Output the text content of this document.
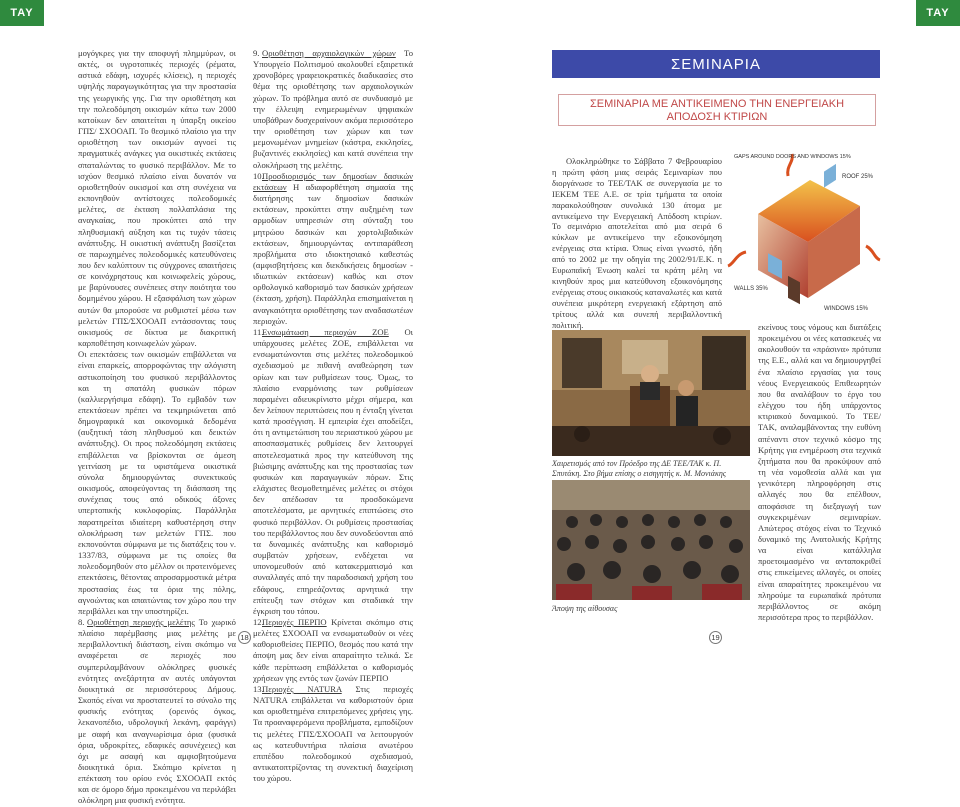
ΤΑΥ	ΤΑΥ

μογόγκρες για την αποφυγή πλημμύρων, οι ακτές, οι υγροτοπικές περιοχές (ρέματα, αστικά εδάφη, ισχυρές κλίσεις), η περιοχές υψηλής παραγωγικότητας για την προστασία της γεωργικής γης. Για την οριοθέτηση και την πολεοδόμηση οικισμών κάτω των 2000 κατοίκων δεν απαιτείται η ύπαρξη οικείου ΓΠΣ/ ΣΧΟΟΑΠ. Το θεσμικό πλαίσιο για την οριοθέτηση των οικισμών αγνοεί τις πραγματικές ανάγκες για οικιστικές εκτάσεις σπαταλώντας το φυσικό περιβάλλον. Με το ισχύον θεσμικό πλαίσιο είναι δυνατόν να οριοθετηθούν οικισμοί και στη συνέχεια να εκπονηθούν αντίστοιχες πολεοδομικές μελέτες, σε έκταση πολλαπλάσια της αναγκαίας, που προκύπτει από την πληθυσμιακή αύξηση και τις τυχόν τάσεις ανάπτυξης. Η οικιστική ανάπτυξη βασίζεται σε παρωχημένες πολεοδομικές κατευθύνσεις που δεν καλύπτουν τις σύγχρονες απαιτήσεις σε κοινόχρηστους και κοινωφελείς χώρους, με βαρύνουσες συνέπειες στην ποιότητα του δομημένου χώρου. Η εξασφάλιση των χώρων αυτών θα μπορούσε να ρυθμιστεί μέσω των μελετών ΓΠΣ/ΣΧΟΟΑΠ εντάσσοντας τους οικισμούς σε δίκτυα με διακριτική καρποθέτηση κοινωφελών χώρων.

Οι επεκτάσεις των οικισμών επιβάλλεται να είναι επαρκείς, απορροφώντας την αλόγιστη αστικοποίηση του φυσικού περιβάλλοντος και τη σπατάλη φυσικών πόρων (καλλιεργήσιμα εδάφη). Το εμβαδόν των επεκτάσεων πρέπει να τεκμηριώνεται από δημογραφικά και οικονομικά δεδομένα (αυξητική τάση πληθυσμού και δεικτών ανάπτυξης). Οι προς πολεοδόμηση εκτάσεις επιβάλλεται να βρίσκονται σε άμεση γειτνίαση με τα υφιστάμενα οικιστικά σύνολα δημιουργώντας συνεκτικούς οικισμούς, αποφεύγοντας τη διάσπαση της συνέχειας τους από οδικούς άξονες υπερτοπικής κυκλοφορίας. Παράλληλα παρατηρείται ιδιαίτερη καθυστέρηση στην ολοκλήρωση των μελετών ΓΠΣ. που εκπονούνται σύμφωνα με τις διατάξεις του ν. 1337/83, σύμφωνα με τις οποίες θα πολεοδομηθούν στο μέλλον οι προτεινόμενες επεκτάσεις, θέτοντας απροσαρμοστικά μέτρα προστασίας έως τα όρια της πόλης, αγνοώντας και απαιτώντας τον χώρο που την περιβάλλει και την υποστηρίζει.

8. Οριοθέτηση περιοχής μελέτης Το χωρικό πλαίσιο παρέμβασης μιας μελέτης με περιβαλλοντική διάσταση, είναι σκόπιμο να αναφέρεται σε περιοχές που συμπεριλαμβάνουν ολόκληρες φυσικές ενότητες ανεξάρτητα αν αυτές υπάγονται διοικητικά σε περισσότερους Δήμους. Σκοπός είναι να προστατευτεί το σύνολο της φυσικής ενότητας (ορεινός όγκος, λεκανοπέδιο, υδρολογική λεκάνη, φαράγγι) με σαφή και αναγνωρίσιμα όρια (φυσικά όρια, υδροκρίτες, εδαφικές ασυνέχειες) και όχι με ασαφή και αμφισβητούμενα διοικητικά όρια. Σκόπιμο κρίνεται η επέκταση του ορίου ενός ΣΧΟΟΑΠ εκτός και σε όμορο δήμο προκειμένου να περιλάβει ολόκληρη μια φυσική ενότητα.

9. Οριοθέτηση αρχαιολογικών χώρων Το Υπουργείο Πολιτισμού ακολουθεί εξαιρετικά χρονοβόρες γραφειοκρατικές διαδικασίες στο θέμα της οριοθέτησης των αρχαιολογικών χώρων. Το πρόβλημα αυτό σε συνδυασμό με την έλλειψη ενημερωμένων ψηφιακών υποβάθρων δυσχεραίνουν ακόμα περισσότερο την οριοθέτηση των χώρων και των μεμονωμένων μνημείων (κάστρα, εκκλησίες, βυζαντινές εκκλησίες) και κατά συνέπεια την ολοκλήρωση της μελέτης.

10.Προσδιορισμός των δημοσίων δασικών εκτάσεων Η αδιαφορθέτηση σημασία της διατήρησης των δημοσίων δασικών εκτάσεων, προκύπτει στην αυξημένη των αρμοδίων υπηρεσιών στη σύνταξη του μητρώου δασικών και χορτολιβαδικών εκτάσεων, δημιουργώντας αντιπαράθεση προβλήματα στο ιδιοκτησιακό καθεστώς (αμφισβητήσεις και διεκδικήσεις δημοσίων - ιδιωτικών εκτάσεων) καθώς και στον ορθολογικό καθορισμό των δασικών χρήσεων (έκταση, χρήση). Παράλληλα επισημαίνεται η αναγκαιότητα οριοθέτησης των αναδασωτέων περιοχών.

11.Ενσωμάτωση περιοχών ΖΟΕ Οι υπάρχουσες μελέτες ΖΟΕ, επιβάλλεται να ενσωματώνονται στις μελέτες πολεοδομικού σχεδιασμού με πιθανή αναθεώρηση των ορίων και των ρυθμίσεων τους. Όμως, το πλαίσιο εναρμόνισης των ρυθμίσεων παραμένει αδιευκρίνιστο μέχρι σήμερα, και δεν λείπουν περιπτώσεις που η ένταξη γίνεται κατά προσέγγιση. Η εμπειρία έχει αποδείξει, ότι η αντιμετώπιση του περιαστικού χώρου με αποσπασματικές ρυθμίσεις δεν λειτουργεί αποτελεσματικά προς την κατεύθυνση της βιώσιμης ανάπτυξης και της προστασίας των φυσικών και παραγωγικών πόρων. Στις ελάχιστες θεσμοθετημένες μελέτες οι στόχοι δεν απέδωσαν τα προσδοκώμενα αποτελέσματα, με αρνητικές επιπτώσεις στο φυσικό περιβάλλον. Οι ρυθμίσεις προστασίας του περιβάλλοντος που δεν συνοδεύονται από τα δυναμικές ανάπτυξης και καθορισμό συμβατών χρήσεων, ενδέχεται να υπονομευθούν από κατακερματισμό και συναλλαγές από την παραδοσιακή χρήση του εδάφους, επηρεάζοντας αρνητικά την επίτευξη των στόχων και σταδιακά την έγκριση του τόπου.

12.Περιοχές ΠΕΡΠΟ Κρίνεται σκόπιμο στις μελέτες ΣΧΟΟΑΠ να ενσωματωθούν οι νέες καθορισθείσες ΠΕΡΠΟ, θεσμός που κατά την άποψη μας δεν είναι απαραίτητο τελικά. Σε κάθε περίπτωση επιβάλλεται ο καθορισμός χρήσεων γης εντός των ζωνών ΠΕΡΠΟ

13.Περιοχές NATURA Στις περιοχές NATURA επιβάλλεται να καθοριστούν όρια και οριοθετημένα επιτρεπόμενες χρήσεις γης. Τα προαναφερόμενα προβλήματα, εμποδίζουν τις μελέτες ΓΠΣ/ΣΧΟΟΑΠ να λειτουργούν ως κατευθυντήρια πλαίσια ανωτέρου επιπέδου πολεοδομικού σχεδιασμού, αντικατοπτρίζοντας τη συνεκτική διαχείριση του χώρου.

ΣΕΜΙΝΑΡΙΑ
ΣΕΜΙΝΑΡΙΑ ΜΕ ΑΝΤΙΚΕΙΜΕΝΟ ΤΗΝ ΕΝΕΡΓΕΙΑΚΗ
ΑΠΟΔΟΣΗ ΚΤΙΡΙΩΝ

Ολοκληρώθηκε το Σάββατο 7 Φεβρουαρίου η πρώτη φάση μιας σειράς Σεμιναρίων που διοργάνωσε το ΤΕΕ/ΤΑΚ σε συνεργασία με το ΙΕΚΕΜ ΤΕΕ Α.Ε. σε τρία τμήματα τα οποία παρακολούθησαν συνολικά 130 άτομα με αντικείμενο την Ενεργειακή Απόδοση κτιρίων. Το σεμινάριο αποτελείται από μια σειρά 6 κύκλων με αντικείμενο την εξοικονόμηση ενέργειας στα κτίρια. Όπως είναι γνωστό, ήδη από το 2002 με την οδηγία της 2002/91/Ε.Κ. η Ευρωπαϊκή Ένωση καλεί τα κράτη μέλη να κινηθούν προς μια κατεύθυνση εξοικονόμησης ενέργειας στους οικιακούς καταναλωτές και κατά συνέπεια μικρότερη ενεργειακή εξάρτηση από τρίτους αλλά και συνεπή περιβαλλοντική πολιτική.

GAPS AROUND DOORS AND WINDOWS 15%
ROOF 25%
WALLS 35%
WINDOWS 15%
Χαιρετισμός από τον Πρόεδρο της ΔΕ ΤΕΕ/ΤΑΚ κ. Π. Σπυτάκη. Στο βήμα επίσης ο εισηγητής κ. Μ. Μονιάκης
Άποψη της αίθουσας

εκείνους τους νόμους και διατάξεις προκειμένου οι νέες κατασκευές να ακολουθούν τα «πράσινα» πρότυπα της Ε.Ε., αλλά και να δημιουργηθεί ένα πλαίσιο εργασίας για τους νέους Ενεργειακούς Επιθεωρητών που θα αναλάβουν το έργο του ελέγχου του ήδη υπάρχοντος κτιριακού δυναμικού. Το ΤΕΕ/ΤΑΚ, αναλαμβάνοντας την ευθύνη απέναντι στον τεχνικό κόσμο της Κρήτης για ενημέρωση στα τεχνικά ζητήματα που θα προκύψουν από τη νέα νομοθεσία αλλά και για γενικότερη πληροφόρηση στις αλλαγές που θα επέλθουν, αποφάσισε τη διεξαγωγή των συγκεκριμένων σεμιναρίων. Απώτερος στόχος είναι το Τεχνικό δυναμικό της Ανατολικής Κρήτης να είναι κατάλληλα προετοιμασμένο να ανταποκριθεί στις επικείμενες αλλαγές, οι οποίες είναι απαραίτητες προκειμένου να πληρούμε τα ευρωπαϊκά πρότυπα περιβάλλοντος σε ακόμη περισσότερα προς το περιβάλλον.

18	19
